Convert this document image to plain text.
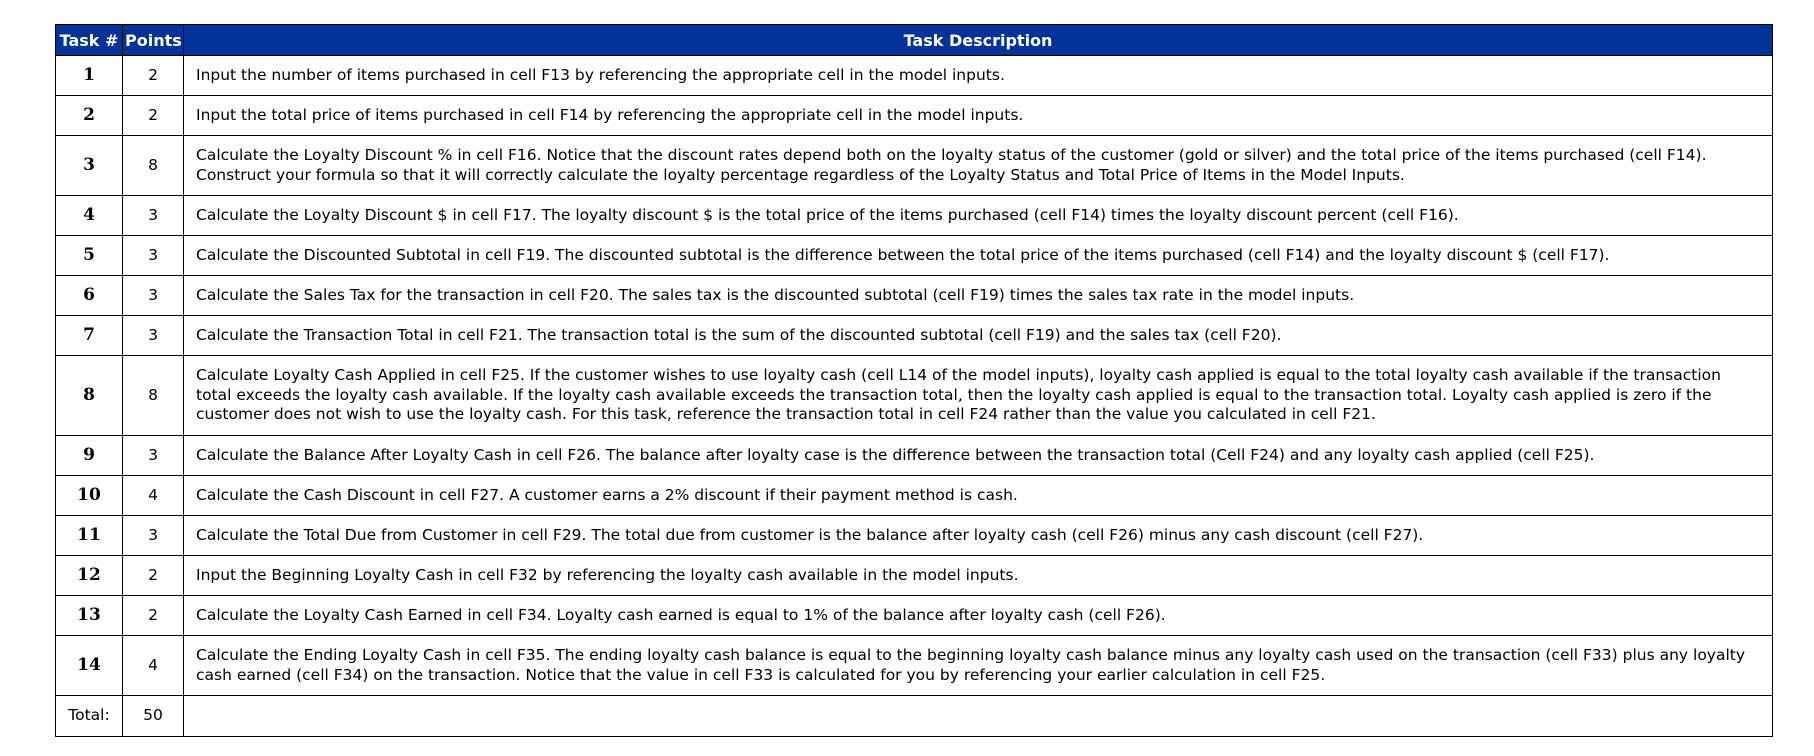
Task #	Points	Task Description
1	2	Input the number of items purchased in cell F13 by referencing the appropriate cell in the model inputs.
2	2	Input the total price of items purchased in cell F14 by referencing the appropriate cell in the model inputs.
3	8	Calculate the Loyalty Discount % in cell F16. Notice that the discount rates depend both on the loyalty status of the customer (gold or silver) and the total price of the items purchased (cell F14). Construct your formula so that it will correctly calculate the loyalty percentage regardless of the Loyalty Status and Total Price of Items in the Model Inputs.
4	3	Calculate the Loyalty Discount $ in cell F17. The loyalty discount $ is the total price of the items purchased (cell F14) times the loyalty discount percent (cell F16).
5	3	Calculate the Discounted Subtotal in cell F19. The discounted subtotal is the difference between the total price of the items purchased (cell F14) and the loyalty discount $ (cell F17).
6	3	Calculate the Sales Tax for the transaction in cell F20. The sales tax is the discounted subtotal (cell F19) times the sales tax rate in the model inputs.
7	3	Calculate the Transaction Total in cell F21. The transaction total is the sum of the discounted subtotal (cell F19) and the sales tax (cell F20).
8	8	Calculate Loyalty Cash Applied in cell F25. If the customer wishes to use loyalty cash (cell L14 of the model inputs), loyalty cash applied is equal to the total loyalty cash available if the transaction total exceeds the loyalty cash available. If the loyalty cash available exceeds the transaction total, then the loyalty cash applied is equal to the transaction total. Loyalty cash applied is zero if the customer does not wish to use the loyalty cash. For this task, reference the transaction total in cell F24 rather than the value you calculated in cell F21.
9	3	Calculate the Balance After Loyalty Cash in cell F26. The balance after loyalty case is the difference between the transaction total (Cell F24) and any loyalty cash applied (cell F25).
10	4	Calculate the Cash Discount in cell F27. A customer earns a 2% discount if their payment method is cash.
11	3	Calculate the Total Due from Customer in cell F29. The total due from customer is the balance after loyalty cash (cell F26) minus any cash discount (cell F27).
12	2	Input the Beginning Loyalty Cash in cell F32 by referencing the loyalty cash available in the model inputs.
13	2	Calculate the Loyalty Cash Earned in cell F34. Loyalty cash earned is equal to 1% of the balance after loyalty cash (cell F26).
14	4	Calculate the Ending Loyalty Cash in cell F35. The ending loyalty cash balance is equal to the beginning loyalty cash balance minus any loyalty cash used on the transaction (cell F33) plus any loyalty cash earned (cell F34) on the transaction. Notice that the value in cell F33 is calculated for you by referencing your earlier calculation in cell F25.
Total:	50	
